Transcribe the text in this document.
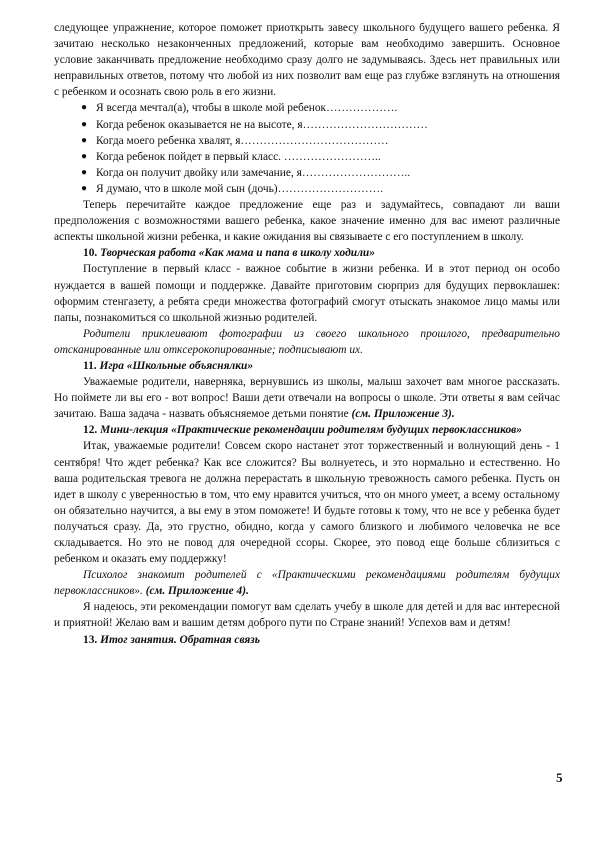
следующее упражнение, которое поможет приоткрыть завесу школьного будущего вашего ребенка. Я зачитаю несколько незаконченных предложений, которые вам необходимо завершить. Основное условие заканчивать предложение необходимо сразу долго не задумываясь. Здесь нет правильных или неправильных ответов, потому что любой из них позволит вам еще раз глубже взглянуть на отношения с ребенком и осознать свою роль в его жизни.

● Я всегда мечтал(а), чтобы в школе мой ребенок……………….
● Когда ребенок оказывается не на высоте, я……………………………
● Когда моего ребенка хвалят, я…………………………………
● Когда ребенок пойдет в первый класс. ……………………..
● Когда он получит двойку или замечание, я………………………..
● Я думаю, что в школе мой сын (дочь)……………………….

Теперь перечитайте каждое предложение еще раз и задумайтесь, совпадают ли ваши предположения с возможностями вашего ребенка, какое значение именно для вас имеют различные аспекты школьной жизни ребенка, и какие ожидания вы связываете с его поступлением в школу.

10. Творческая работа «Как мама и папа в школу ходили»

Поступление в первый класс - важное событие в жизни ребенка. И в этот период он особо нуждается в вашей помощи и поддержке. Давайте приготовим сюрприз для будущих первоклашек: оформим стенгазету, а ребята среди множества фотографий смогут отыскать знакомое лицо мамы или папы, познакомиться со школьной жизнью родителей.

Родители приклеивают фотографии из своего школьного прошлого, предварительно отсканированные или откcерокопированные; подписывают их.

11. Игра «Школьные объяснялки»

Уважаемые родители, наверняка, вернувшись из школы, малыш захочет вам многое рассказать. Но поймете ли вы его - вот вопрос! Ваши дети отвечали на вопросы о школе. Эти ответы я вам сейчас зачитаю. Ваша задача - назвать объясняемое детьми понятие (см. Приложение 3).

12. Мини-лекция «Практические рекомендации родителям будущих первоклассников»

Итак, уважаемые родители! Совсем скоро настанет этот торжественный и волнующий день - 1 сентября! Что ждет ребенка? Как все сложится? Вы волнуетесь, и это нормально и естественно. Но ваша родительская тревога не должна перерастать в школьную тревожность самого ребенка. Пусть он идет в школу с уверенностью в том, что ему нравится учиться, что он много умеет, а всему остальному он обязательно научится, а вы ему в этом поможете! И будьте готовы к тому, что не все у ребенка будет получаться сразу. Да, это грустно, обидно, когда у самого близкого и любимого человечка не все складывается. Но это не повод для очередной ссоры. Скорее, это повод еще больше сблизиться с ребенком и оказать ему поддержку!

Психолог знакомит родителей с «Практическими рекомендациями родителям будущих первоклассников». (см. Приложение 4).

Я надеюсь, эти рекомендации помогут вам сделать учебу в школе для детей и для вас интересной и приятной! Желаю вам и вашим детям доброго пути по Стране знаний! Успехов вам и детям!

13. Итог занятия. Обратная связь

5
